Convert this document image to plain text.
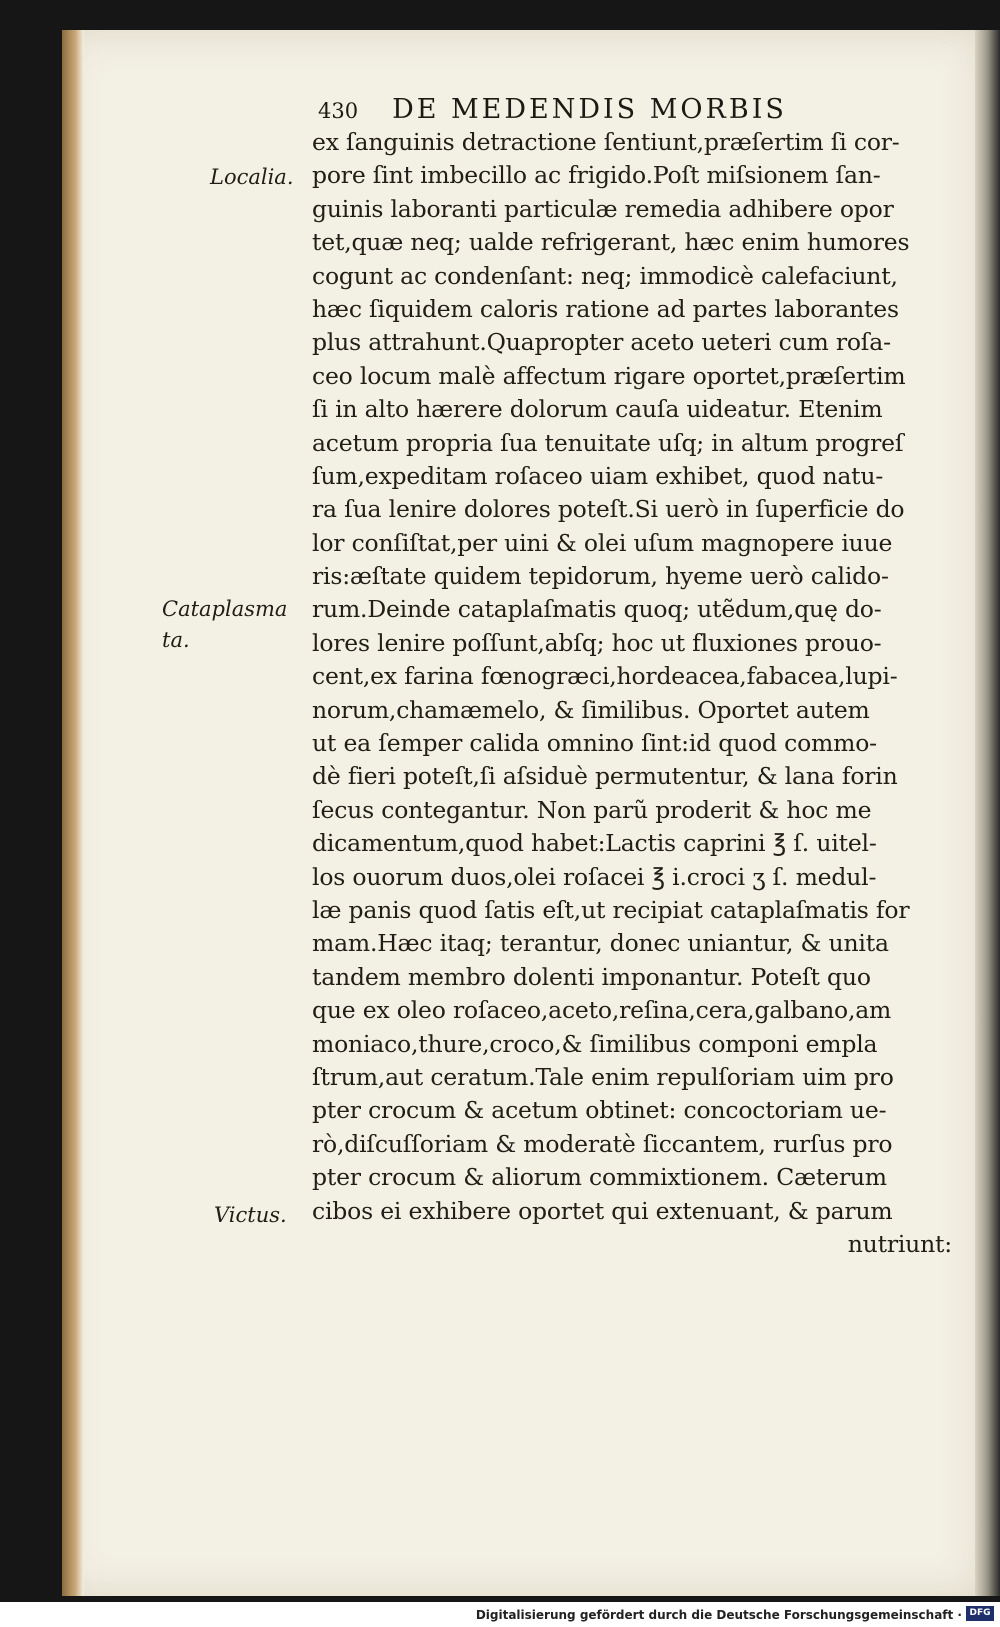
430 DE MEDENDIS MORBIS
Localia.
Cataplasma
ta.
Victus.
ex ſanguinis detractione ſentiunt,præſertim ſi cor-
pore ſint imbecillo ac frigido.Poſt miſsionem ſan-
guinis laboranti particulæ remedia adhibere opor
tet,quæ neq; ualde refrigerant, hæc enim humores
cogunt ac condenſant: neq; immodicè calefaciunt,
hæc ſiquidem caloris ratione ad partes laborantes
plus attrahunt.Quapropter aceto ueteri cum roſa-
ceo locum malè affectum rigare oportet,præſertim
ſi in alto hærere dolorum cauſa uideatur. Etenim
acetum propria ſua tenuitate uſq; in altum progreſ
ſum,expeditam roſaceo uiam exhibet, quod natu-
ra ſua lenire dolores poteſt.Si uerò in ſuperficie do
lor conſiſtat,per uini & olei uſum magnopere iuue
ris:æſtate quidem tepidorum, hyeme uerò calido-
rum.Deinde cataplaſmatis quoq; utẽdum,quę do-
lores lenire poſſunt,abſq; hoc ut fluxiones prouo-
cent,ex farina fœnogræci,hordeacea,fabacea,lupi-
norum,chamæmelo, & ſimilibus. Oportet autem
ut ea ſemper calida omnino ſint:id quod commo-
dè fieri poteſt,ſi aſsiduè permutentur, & lana forin
ſecus contegantur. Non parũ proderit & hoc me
dicamentum,quod habet:Lactis caprini ℥ ſ. uitel-
los ouorum duos,olei roſacei ℥ i.croci ʒ ſ. medul-
læ panis quod ſatis eſt,ut recipiat cataplaſmatis for
mam.Hæc itaq; terantur, donec uniantur, & unita
tandem membro dolenti imponantur. Poteſt quo
que ex oleo roſaceo,aceto,reſina,cera,galbano,am
moniaco,thure,croco,& ſimilibus componi empla
ſtrum,aut ceratum.Tale enim repulſoriam uim pro
pter crocum & acetum obtinet: concoctoriam ue-
rò,diſcuſſoriam & moderatè ſiccantem, rurſus pro
pter crocum & aliorum commixtionem. Cæterum
cibos ei exhibere oportet qui extenuant, & parum
nutriunt:
Digitalisierung gefördert durch die Deutsche Forschungsgemeinschaft · DFG
